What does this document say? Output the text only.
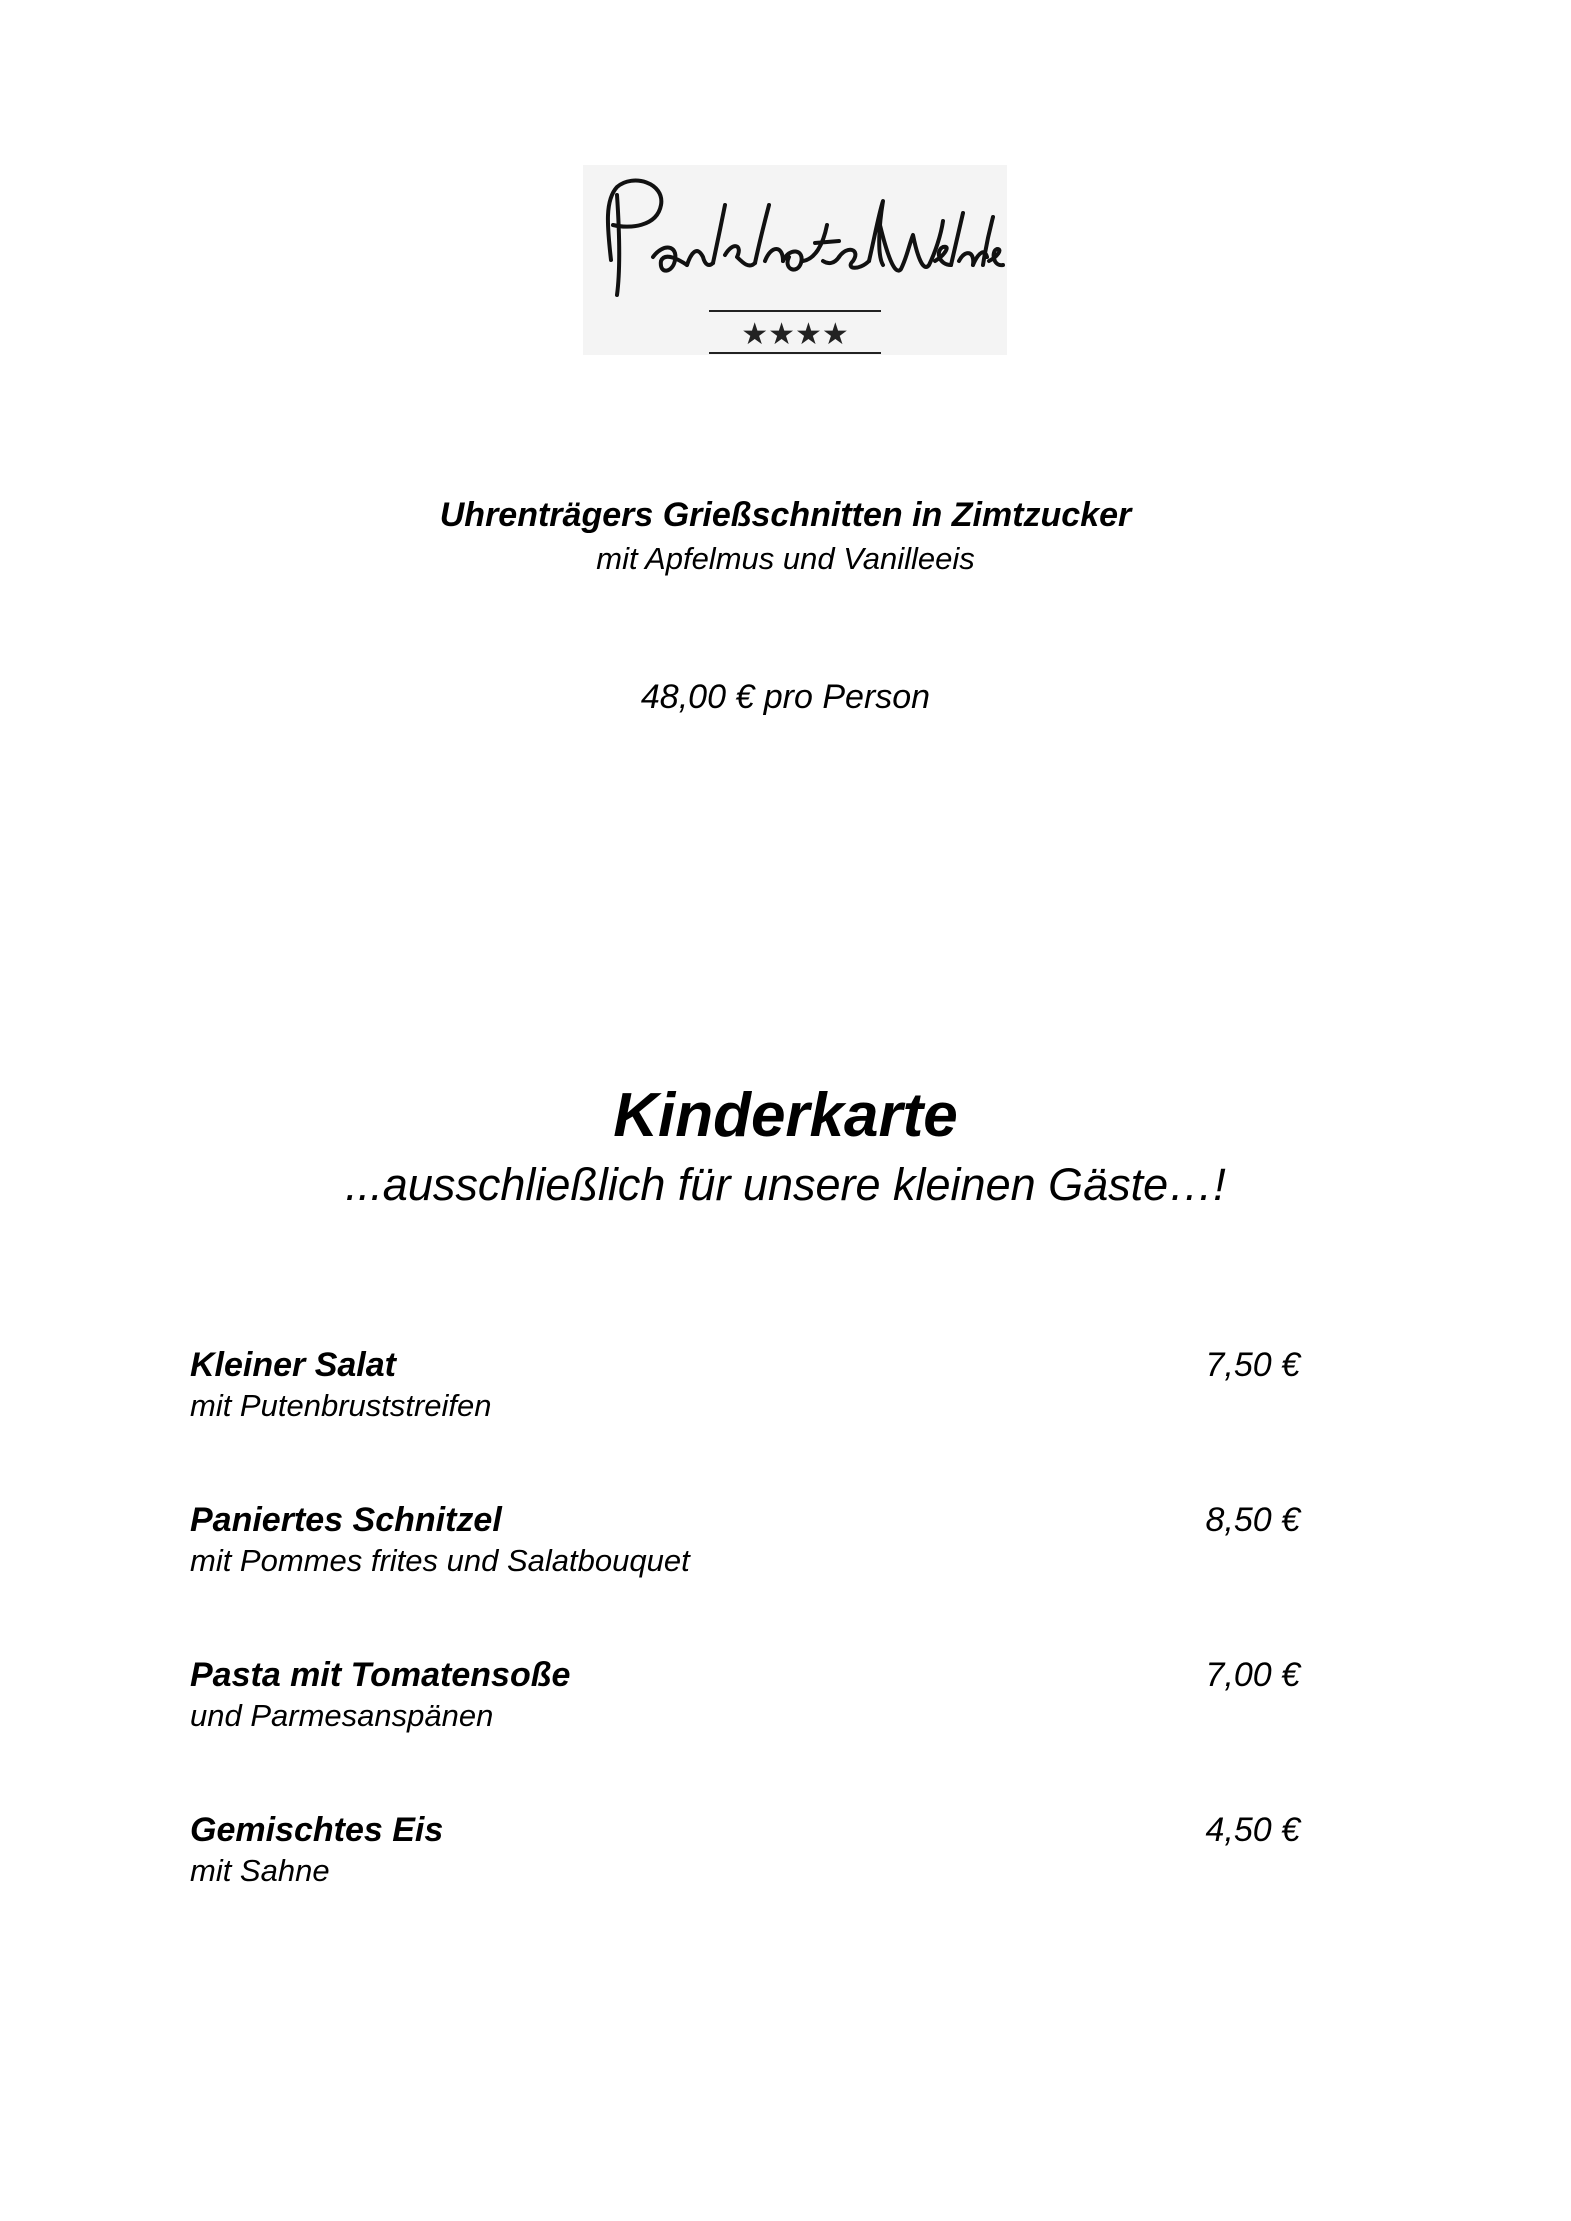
★★★★
Uhrenträgers Grießschnitten in Zimtzucker
mit Apfelmus und Vanilleeis
48,00 € pro Person
Kinderkarte
...ausschließlich für unsere kleinen Gäste…!
Kleiner Salat	7,50 €
mit Putenbruststreifen
Paniertes Schnitzel	8,50 €
mit Pommes frites und Salatbouquet
Pasta mit Tomatensoße	7,00 €
und Parmesanspänen
Gemischtes Eis	4,50 €
mit Sahne
